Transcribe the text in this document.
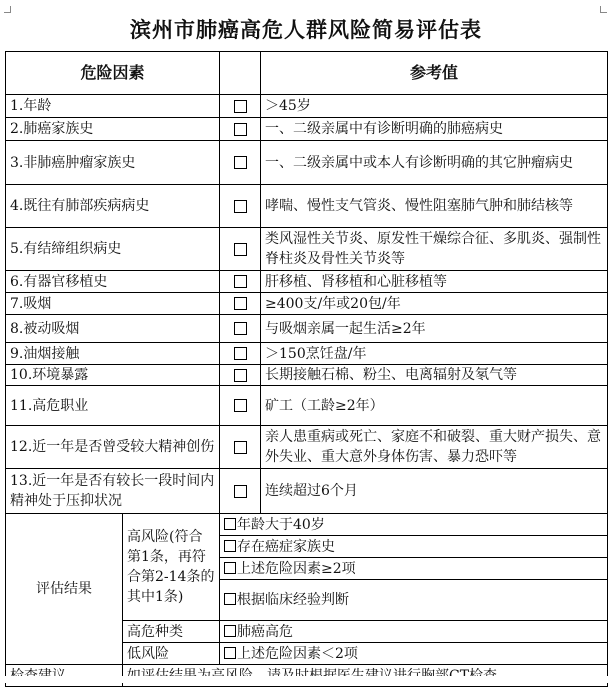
滨州市肺癌高危人群风险简易评估表
危险因素			参考值
1.年龄			＞45岁
2.肺癌家族史			一、二级亲属中有诊断明确的肺癌病史
3.非肺癌肿瘤家族史			一、二级亲属中或本人有诊断明确的其它肿瘤病史
4.既往有肺部疾病病史			哮喘、慢性支气管炎、慢性阻塞肺气肿和肺结核等
5.有结缔组织病史			类风湿性关节炎、原发性干燥综合征、多肌炎、强制性脊柱炎及骨性关节炎等
6.有器官移植史			肝移植、肾移植和心脏移植等
7.吸烟			≥400支/年或20包/年
8.被动吸烟			与吸烟亲属一起生活≥2年
9.油烟接触			＞150烹饪盘/年
10.环境暴露			长期接触石棉、粉尘、电离辐射及氡气等
11.高危职业			矿工（工龄≥2年）
12.近一年是否曾受较大精神创伤			亲人患重病或死亡、家庭不和破裂、重大财产损失、意外失业、重大意外身体伤害、暴力恐吓等
13.近一年是否有较长一段时间内精神处于压抑状况			连续超过6个月
评估结果	高风险(符合第1条，再符合第2-14条的其中1条)	年龄大于40岁	
		存在癌症家族史	
		上述危险因素≥2项	
		根据临床经验判断	
	高危种类	肺癌高危	
	低风险	上述危险因素＜2项	
